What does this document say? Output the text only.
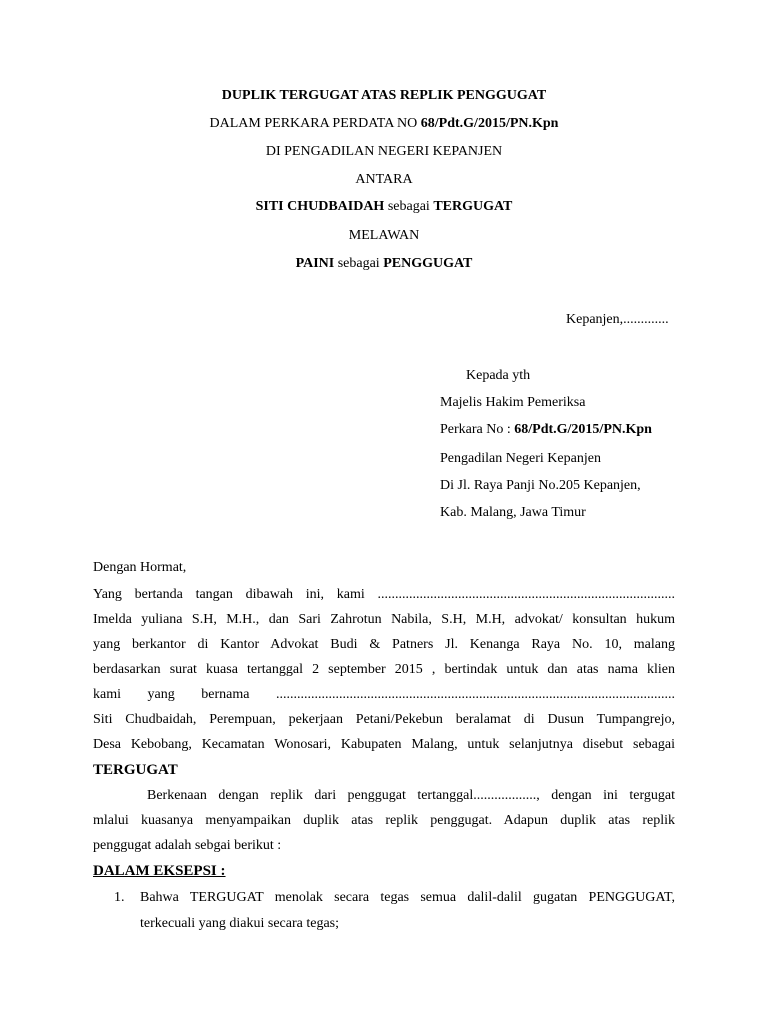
DUPLIK TERGUGAT ATAS REPLIK PENGGUGAT
DALAM PERKARA PERDATA NO 68/Pdt.G/2015/PN.Kpn
DI PENGADILAN NEGERI KEPANJEN
ANTARA
SITI CHUDBAIDAH sebagai TERGUGAT
MELAWAN
PAINI sebagai PENGGUGAT
Kepanjen,.............
Kepada yth
Majelis Hakim Pemeriksa
Perkara No : 68/Pdt.G/2015/PN.Kpn
Pengadilan Negeri Kepanjen
Di Jl. Raya Panji No.205 Kepanjen,
Kab. Malang, Jawa Timur
Dengan Hormat,
Yang bertanda tangan dibawah ini, kami .....................................................................................
Imelda yuliana S.H, M.H., dan Sari Zahrotun Nabila, S.H, M.H, advokat/ konsultan hukum
yang berkantor di Kantor Advokat Budi & Patners Jl. Kenanga Raya No. 10, malang
berdasarkan surat kuasa tertanggal 2 september 2015 , bertindak untuk dan atas nama klien
kami yang bernama ..................................................................................................................
Siti Chudbaidah, Perempuan, pekerjaan Petani/Pekebun beralamat di Dusun Tumpangrejo,
Desa Kebobang, Kecamatan Wonosari, Kabupaten Malang, untuk selanjutnya disebut sebagai
TERGUGAT
Berkenaan dengan replik dari penggugat tertanggal.................., dengan ini tergugat
mlalui kuasanya menyampaikan duplik atas replik penggugat. Adapun duplik atas replik
penggugat adalah sebgai berikut :
DALAM EKSEPSI :
1. Bahwa TERGUGAT menolak secara tegas semua dalil-dalil gugatan PENGGUGAT,
terkecuali yang diakui secara tegas;
